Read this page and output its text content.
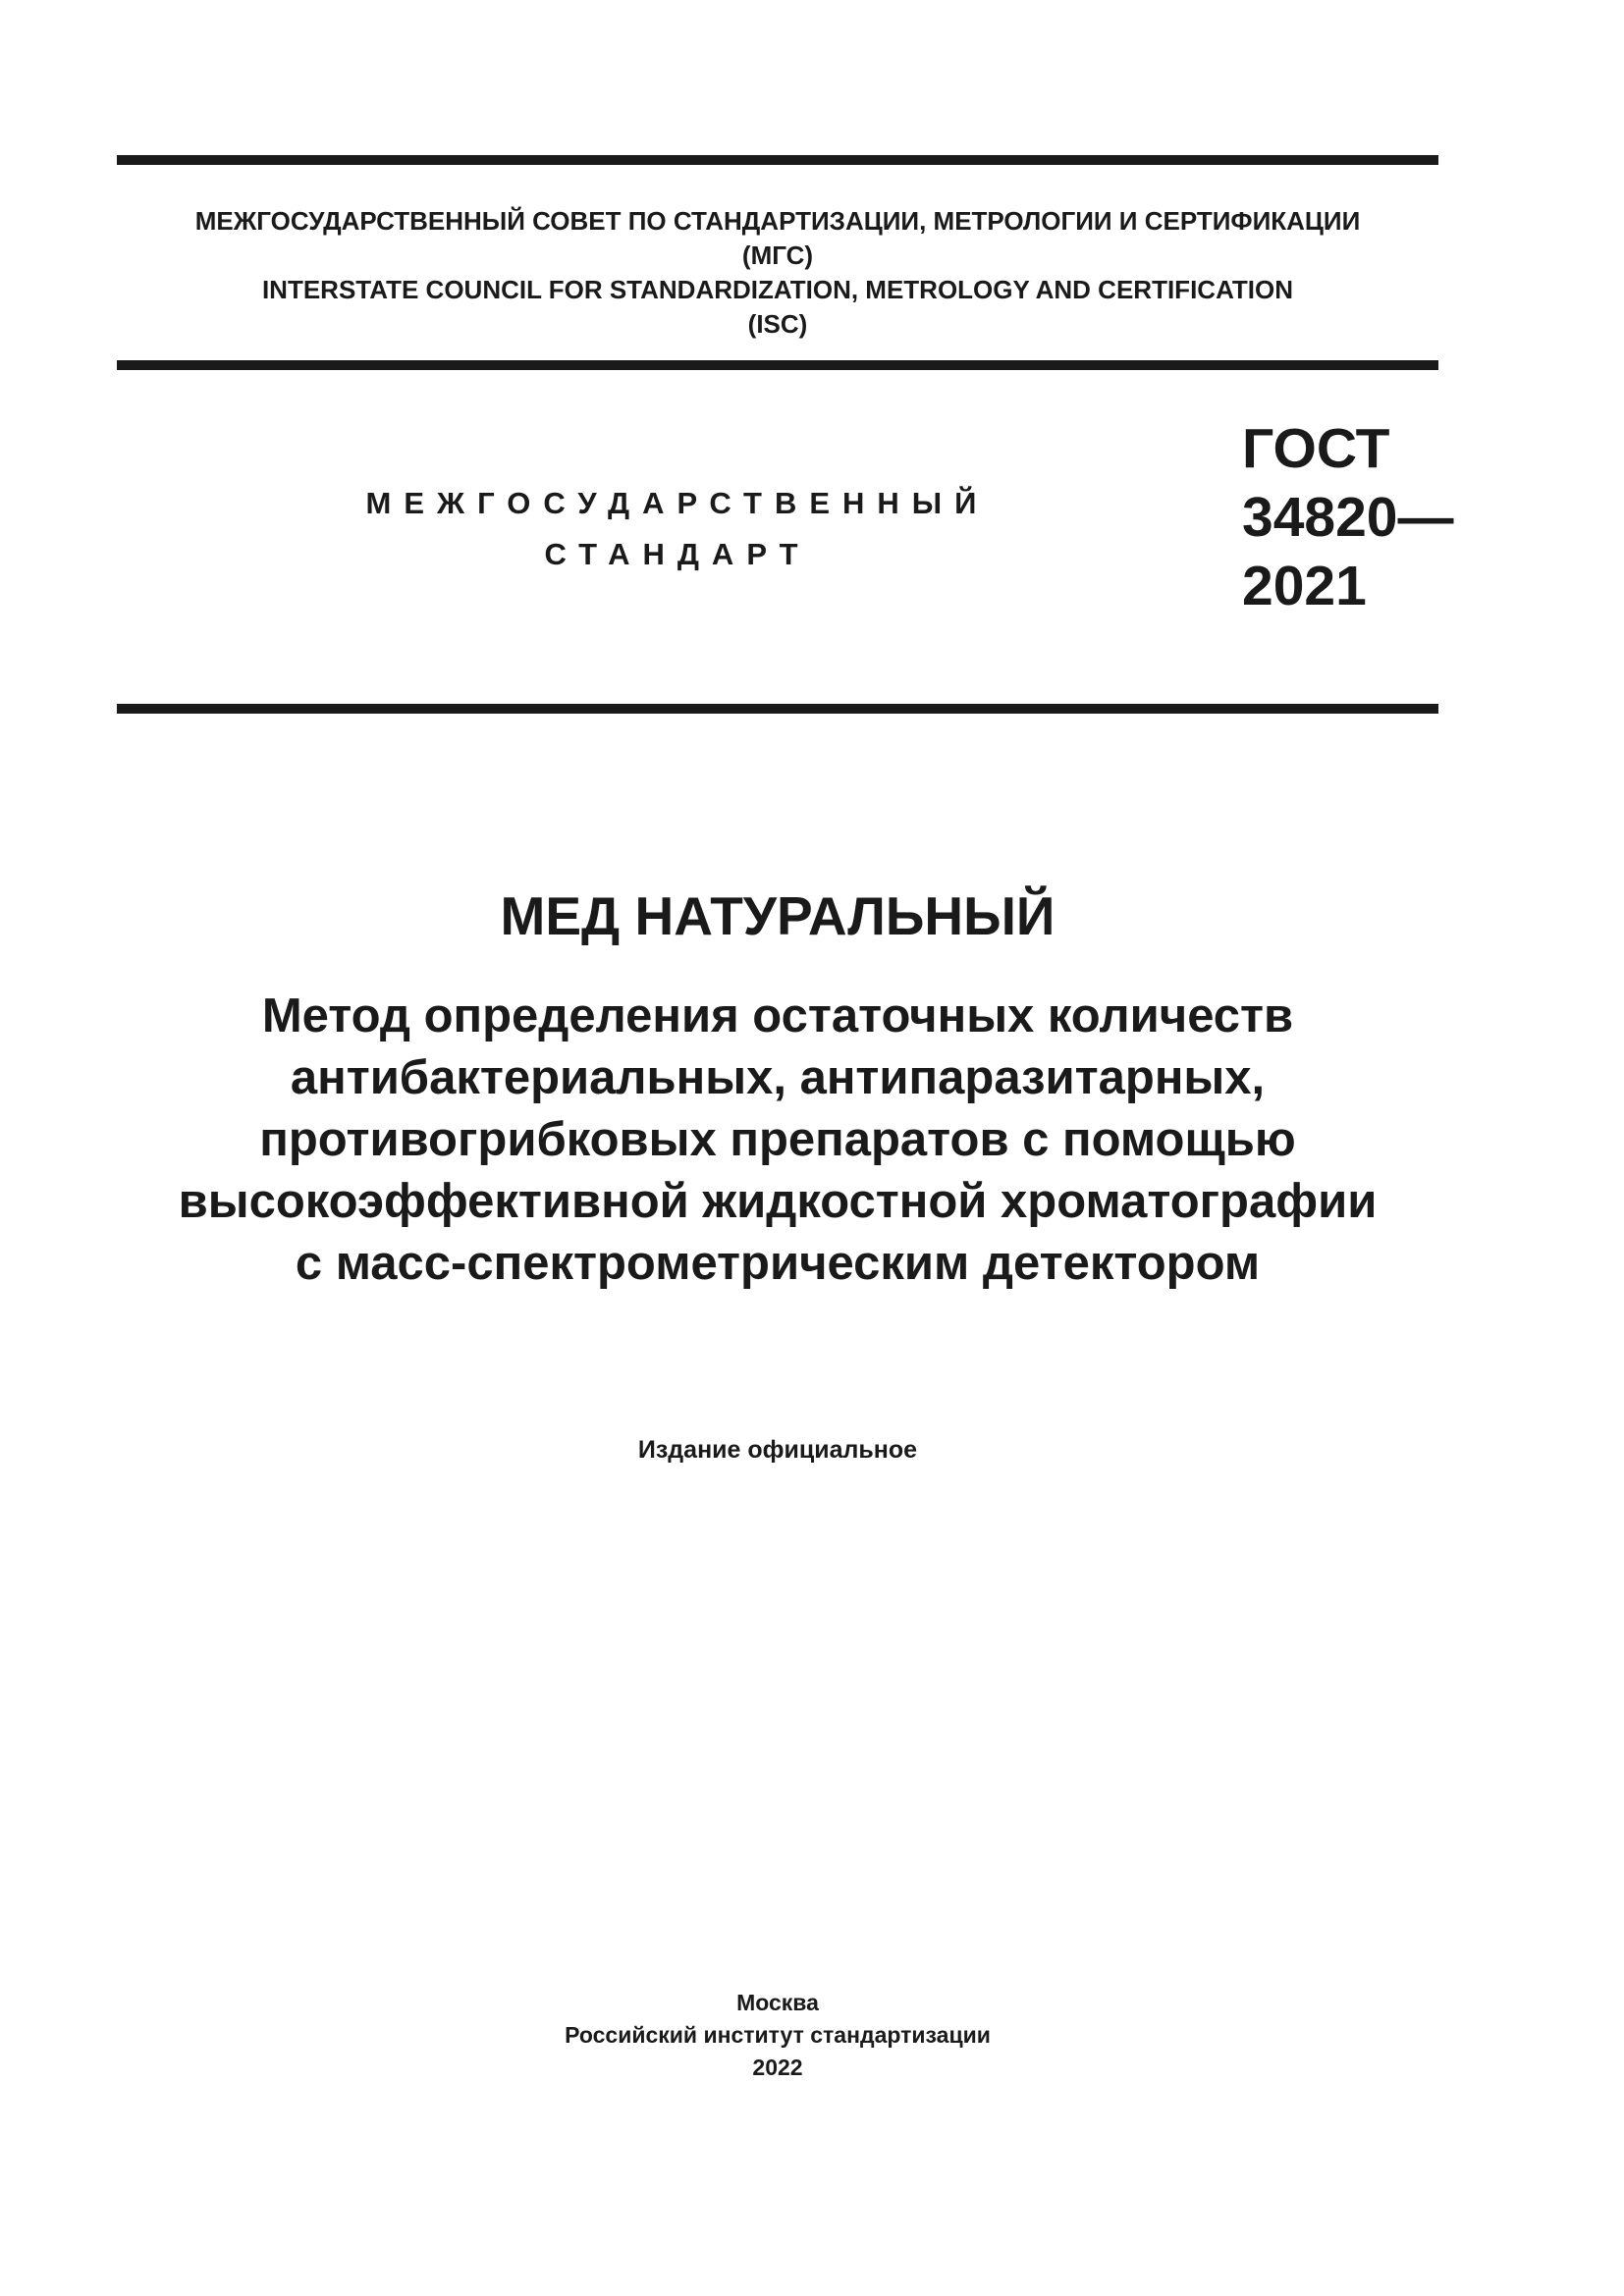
МЕЖГОСУДАРСТВЕННЫЙ СОВЕТ ПО СТАНДАРТИЗАЦИИ, МЕТРОЛОГИИ И СЕРТИФИКАЦИИ
(МГС)
INTERSTATE COUNCIL FOR STANDARDIZATION, METROLOGY AND CERTIFICATION
(ISC)
МЕЖГОСУДАРСТВЕННЫЙ
СТАНДАРТ
ГОСТ
34820—
2021
МЕД НАТУРАЛЬНЫЙ
Метод определения остаточных количеств
антибактериальных, антипаразитарных,
противогрибковых препаратов с помощью
высокоэффективной жидкостной хроматографии
с масс-спектрометрическим детектором
Издание официальное
Москва
Российский институт стандартизации
2022
